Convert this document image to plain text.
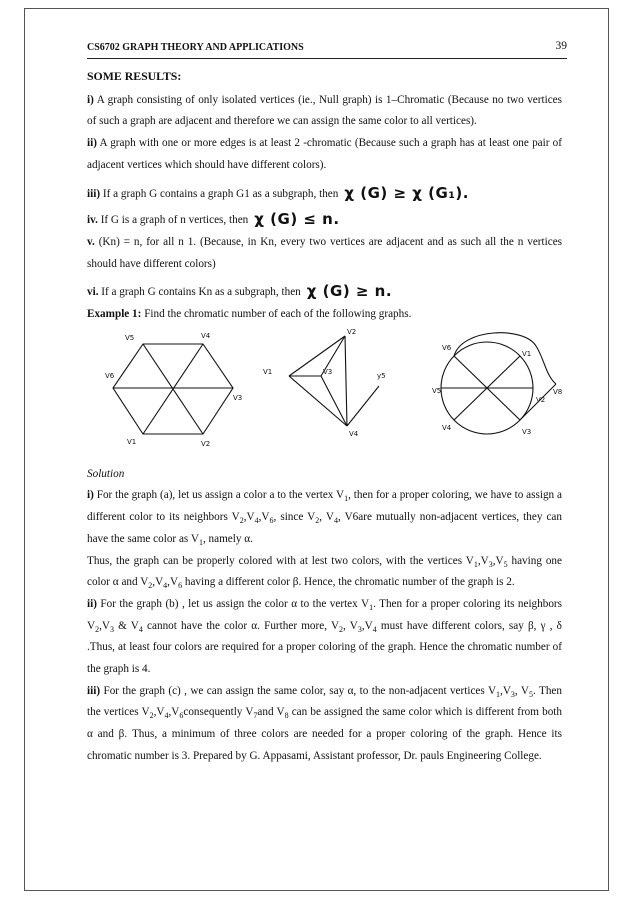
CS6702 GRAPH THEORY AND APPLICATIONS	39

SOME RESULTS:

i) A graph consisting of only isolated vertices (ie., Null graph) is 1–Chromatic (Because no two vertices of such a graph are adjacent and therefore we can assign the same color to all vertices).

ii) A graph with one or more edges is at least 2 -chromatic (Because such a graph has at least one pair of adjacent vertices which should have different colors).

iii) If a graph G contains a graph G1 as a subgraph, then χ (G) ≥ χ (G₁).

iv. If G is a graph of n vertices, then χ (G) ≤ n.

v. (Kn) = n, for all n 1. (Because, in Kn, every two vertices are adjacent and as such all the n vertices should have different colors)

vi. If a graph G contains Kn as a subgraph, then χ (G) ≥ n.

Example 1: Find the chromatic number of each of the following graphs.

V5	V4
V6
V3
V1	V2
V2
V1	V3	y5
V4
V6
V1
V8
V5
V2
V4	V3

Solution

i) For the graph (a), let us assign a color a to the vertex $V_1$, then for a proper coloring, we have to assign a different color to its neighbors $V_2,V_4,V_6$, since $V_2$, $V_4$, V6are mutually non-adjacent vertices, they can have the same color as $V_1$, namely α.

Thus, the graph can be properly colored with at lest two colors, with the vertices $V_1,V_3,V_5$ having one color α and $V_2,V_4,V_6$ having a different color β. Hence, the chromatic number of the graph is 2.

ii) For the graph (b) , let us assign the color α to the vertex $V_1$. Then for a proper coloring its neighbors $V_2,V_3$ & $V_4$ cannot have the color α. Further more, $V_2$, $V_3,V_4$ must have different colors, say β, γ , δ .Thus, at least four colors are required for a proper coloring of the graph. Hence the chromatic number of the graph is 4.

iii) For the graph (c) , we can assign the same color, say α, to the non-adjacent vertices $V_1,V_3$, $V_5$. Then the vertices $V_2,V_4,V_6consequently$ $V_7and$ $V_8$ can be assigned the same color which is different from both α and β. Thus, a minimum of three colors are needed for a proper coloring of the graph. Hence its chromatic number is 3. Prepared by G. Appasami, Assistant professor, Dr. pauls Engineering College.
